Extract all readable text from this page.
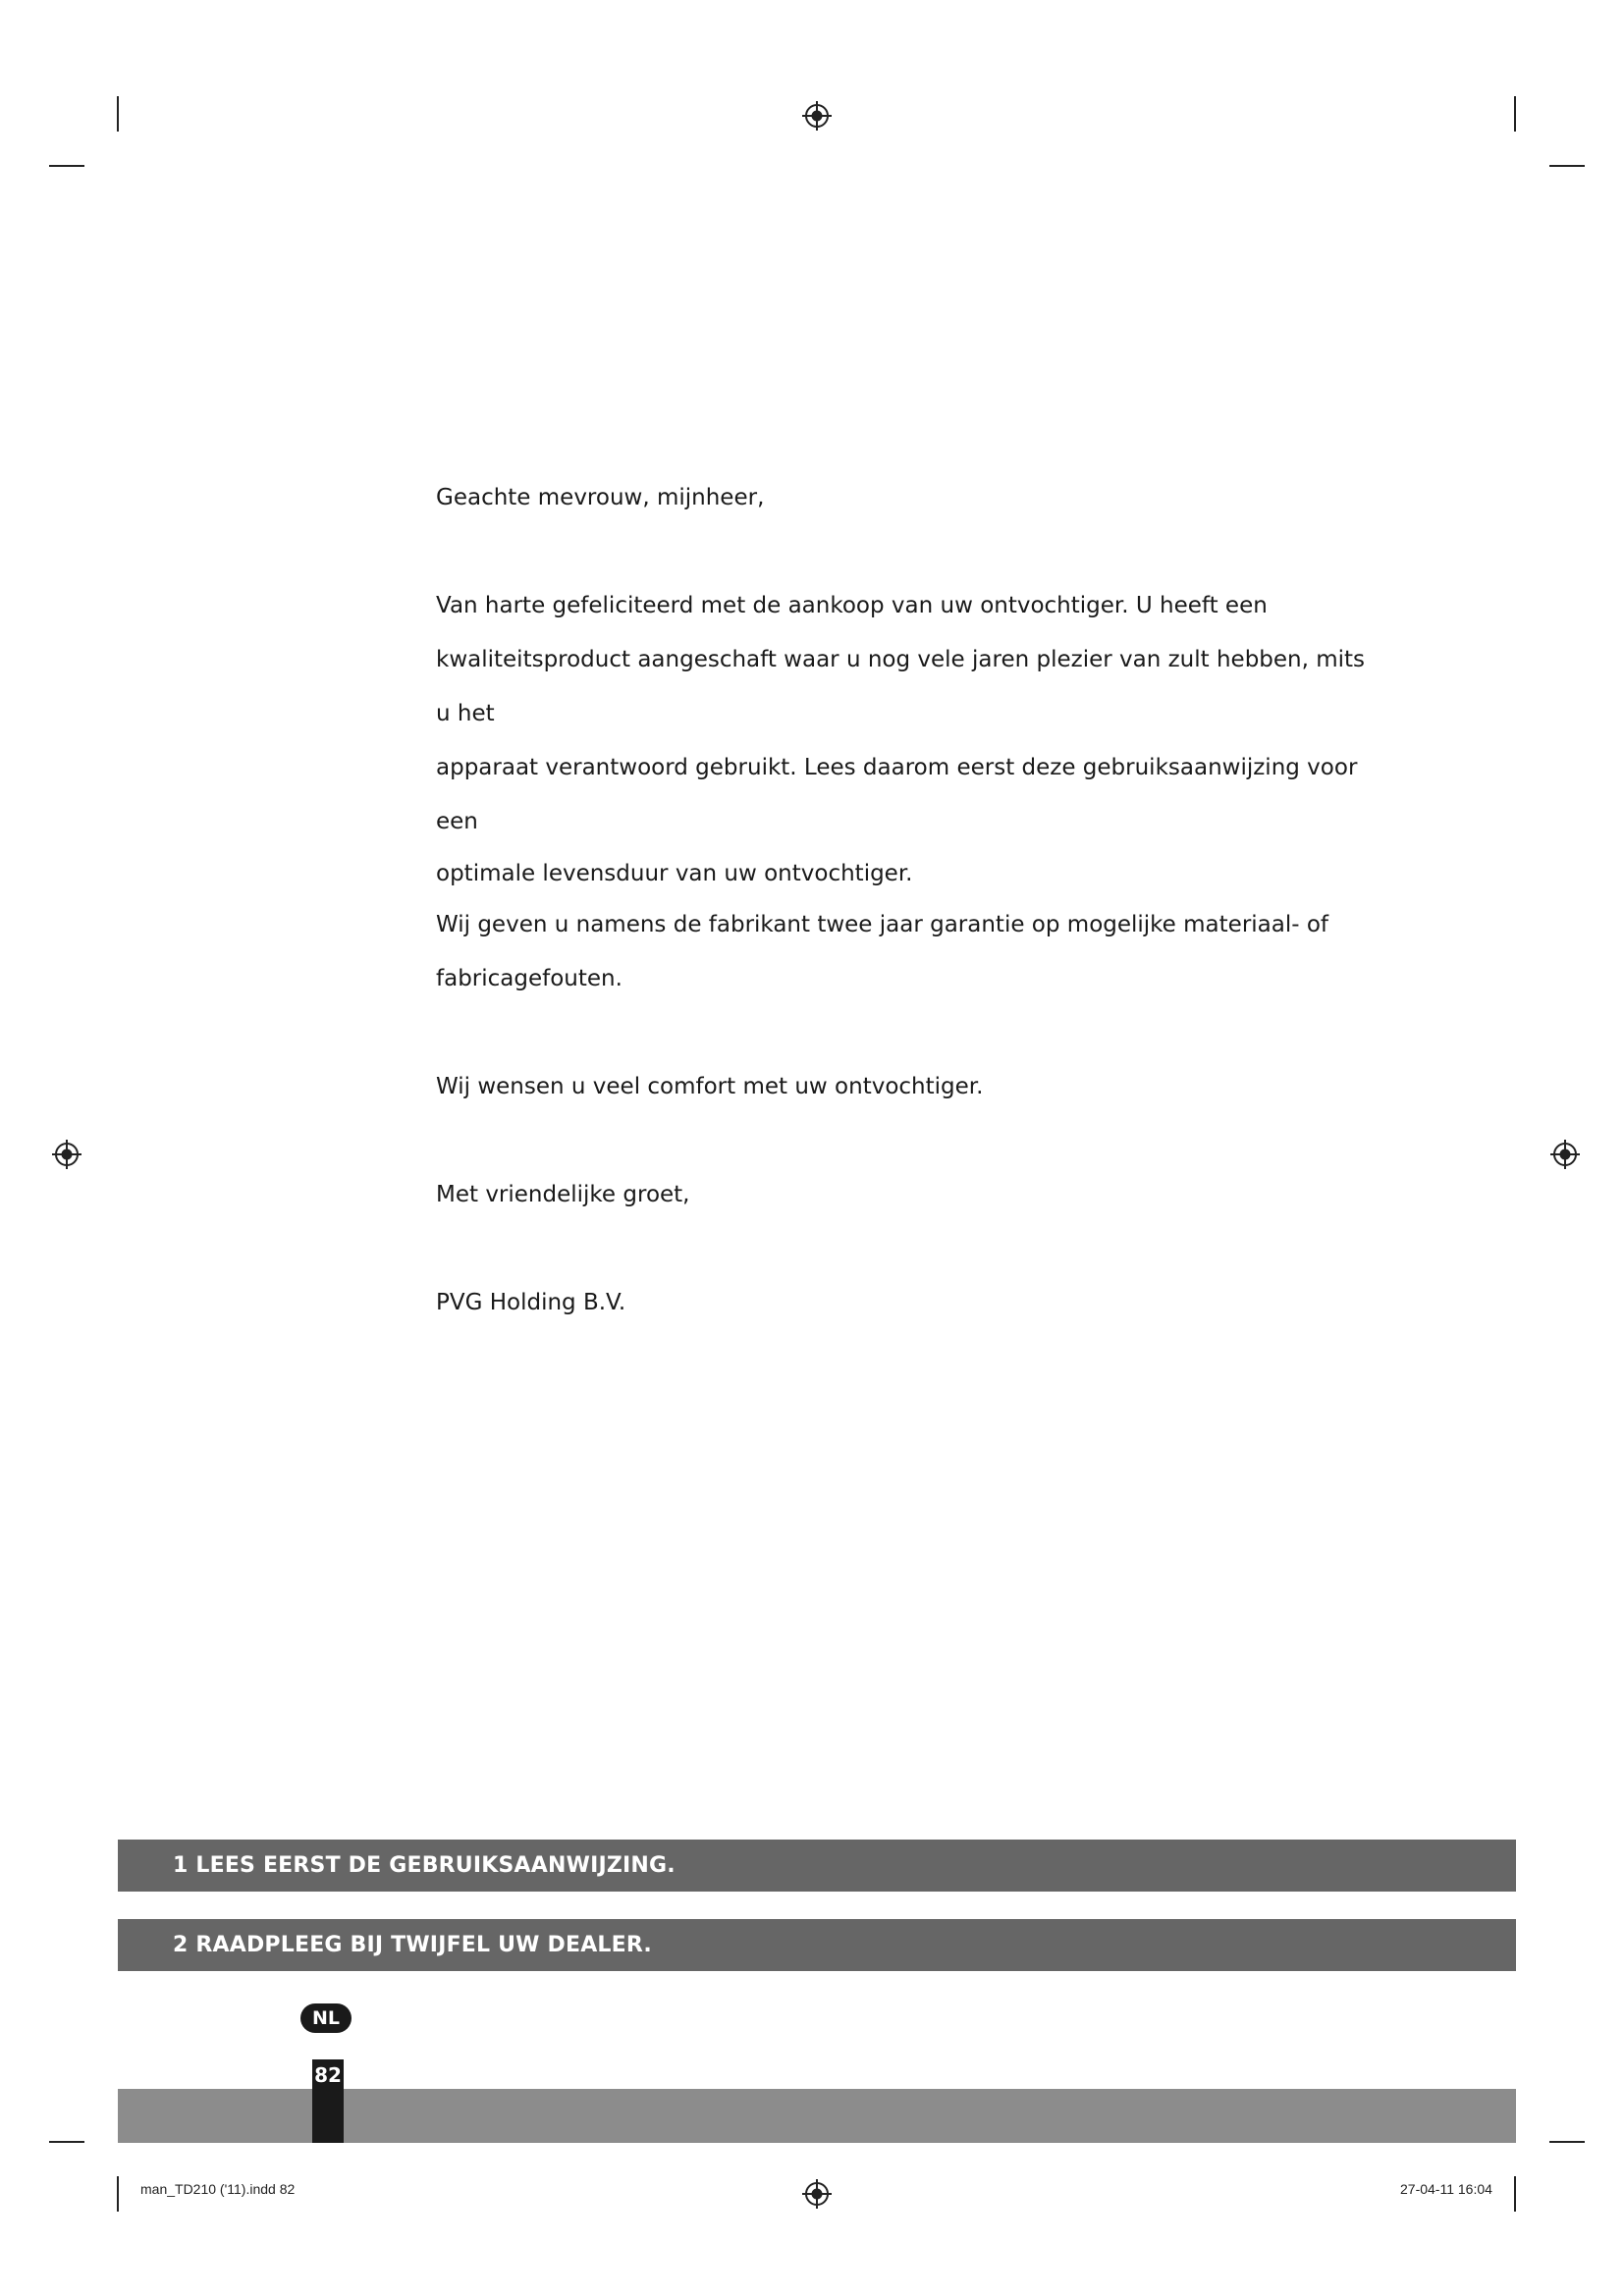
Geachte mevrouw, mijnheer,

Van harte gefeliciteerd met de aankoop van uw ontvochtiger. U heeft een

kwaliteitsproduct aangeschaft waar u nog vele jaren plezier van zult hebben, mits u het

apparaat verantwoord gebruikt. Lees daarom eerst deze gebruiksaanwijzing voor een

optimale levensduur van uw ontvochtiger.

Wij geven u namens de fabrikant twee jaar garantie op mogelijke materiaal- of

fabricagefouten.

Wij wensen u veel comfort met uw ontvochtiger.

Met vriendelijke groet,

PVG Holding B.V.

1 LEES EERST DE GEBRUIKSAANWIJZING.
2 RAADPLEEG BIJ TWIJFEL UW DEALER.
NL
82
man_TD210 ('11).indd 82	27-04-11 16:04
